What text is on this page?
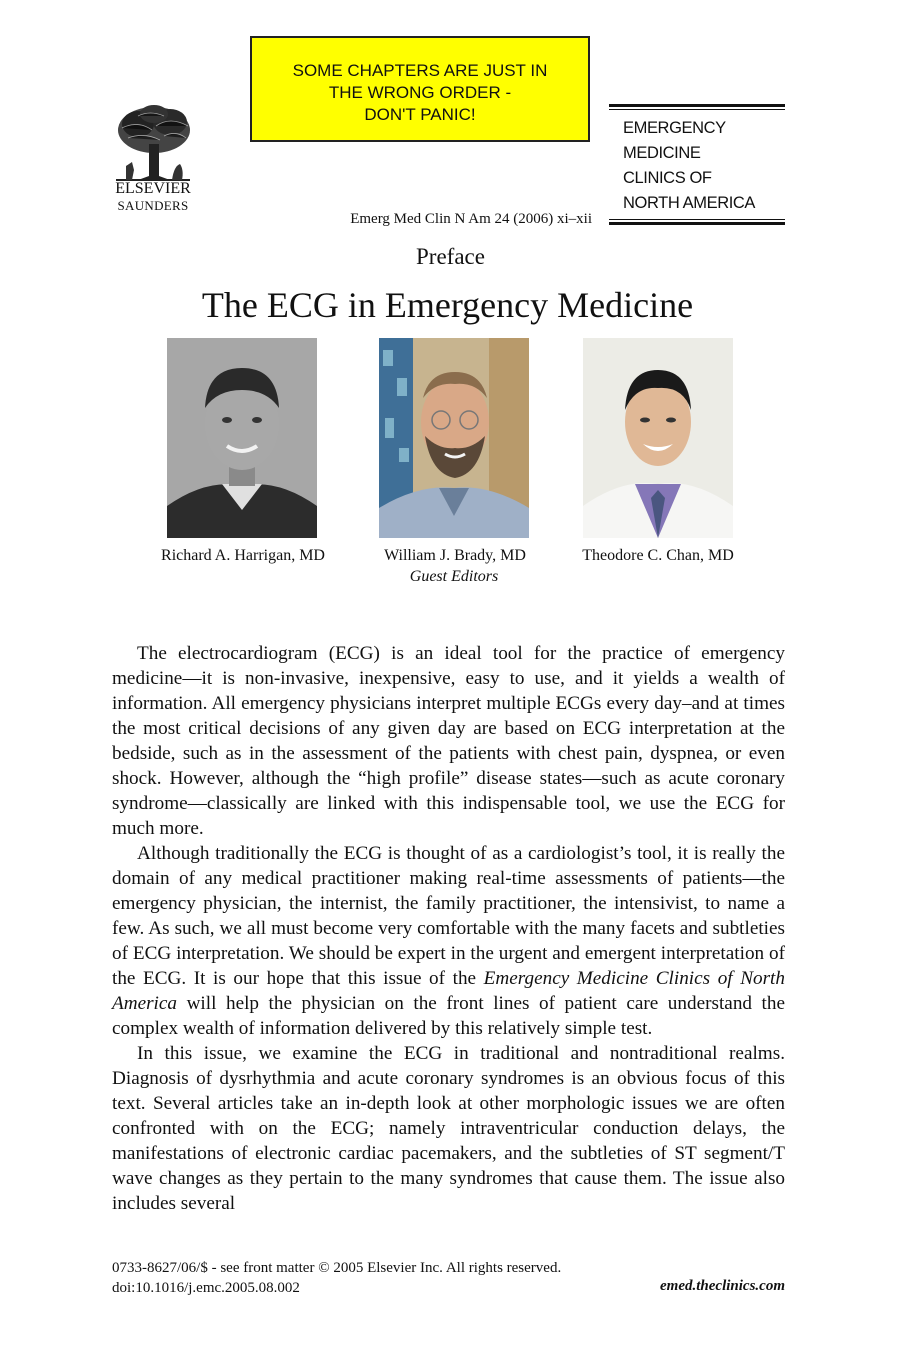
SOME CHAPTERS ARE JUST IN
THE WRONG ORDER -
DON'T PANIC!
ELSEVIER
SAUNDERS
EMERGENCY
MEDICINE
CLINICS OF
NORTH AMERICA
Emerg Med Clin N Am 24 (2006) xi–xii
Preface
The ECG in Emergency Medicine
Richard A. Harrigan, MD	William J. Brady, MD	Theodore C. Chan, MD
Guest Editors

The electrocardiogram (ECG) is an ideal tool for the practice of emergency medicine—it is non-invasive, inexpensive, easy to use, and it yields a wealth of information. All emergency physicians interpret multiple ECGs every day–and at times the most critical decisions of any given day are based on ECG interpretation at the bedside, such as in the assessment of the patients with chest pain, dyspnea, or even shock. However, although the “high profile” disease states—such as acute coronary syndrome—classically are linked with this indispensable tool, we use the ECG for much more.

Although traditionally the ECG is thought of as a cardiologist’s tool, it is really the domain of any medical practitioner making real-time assessments of patients—the emergency physician, the internist, the family practitioner, the intensivist, to name a few. As such, we all must become very comfortable with the many facets and subtleties of ECG interpretation. We should be expert in the urgent and emergent interpretation of the ECG. It is our hope that this issue of the Emergency Medicine Clinics of North America will help the physician on the front lines of patient care understand the complex wealth of information delivered by this relatively simple test.

In this issue, we examine the ECG in traditional and nontraditional realms. Diagnosis of dysrhythmia and acute coronary syndromes is an obvious focus of this text. Several articles take an in-depth look at other morphologic issues we are often confronted with on the ECG; namely intraventricular conduction delays, the manifestations of electronic cardiac pacemakers, and the subtleties of ST segment/T wave changes as they pertain to the many syndromes that cause them. The issue also includes several

0733-8627/06/$ - see front matter © 2005 Elsevier Inc. All rights reserved.
doi:10.1016/j.emc.2005.08.002	emed.theclinics.com
